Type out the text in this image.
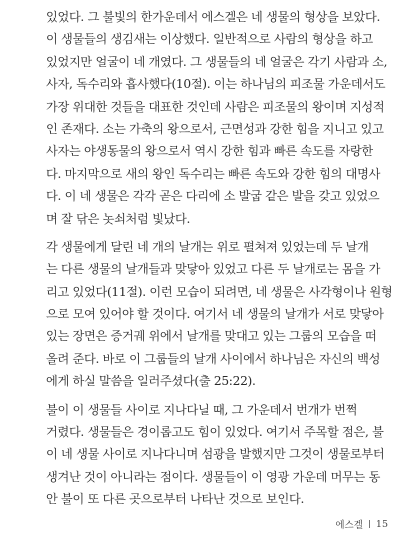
있었다. 그 불빛의 한가운데서 에스겔은 네 생물의 형상을 보았다.
이 생물들의 생김새는 이상했다. 일반적으로 사람의 형상을 하고
있었지만 얼굴이 네 개였다. 그 생물들의 네 얼굴은 각기 사람과 소,
사자, 독수리와 흡사했다(10절). 이는 하나님의 피조물 가운데서도
가장 위대한 것들을 대표한 것인데 사람은 피조물의 왕이며 지성적
인 존재다. 소는 가축의 왕으로서, 근면성과 강한 힘을 지니고 있고
사자는 야생동물의 왕으로서 역시 강한 힘과 빠른 속도를 자랑한
다. 마지막으로 새의 왕인 독수리는 빠른 속도와 강한 힘의 대명사
다. 이 네 생물은 각각 곧은 다리에 소 발굽 같은 발을 갖고 있었으
며 잘 닦은 놋쇠처럼 빛났다.
각 생물에게 달린 네 개의 날개는 위로 펼쳐져 있었는데 두 날개
는 다른 생물의 날개들과 맞닿아 있었고 다른 두 날개로는 몸을 가
리고 있었다(11절). 이런 모습이 되려면, 네 생물은 사각형이나 원형
으로 모여 있어야 할 것이다. 여기서 네 생물의 날개가 서로 맞닿아
있는 장면은 증거궤 위에서 날개를 맞대고 있는 그룹의 모습을 떠
올려 준다. 바로 이 그룹들의 날개 사이에서 하나님은 자신의 백성
에게 하실 말씀을 일러주셨다(출 25:22).
불이 이 생물들 사이로 지나다닐 때, 그 가운데서 번개가 번쩍
거렸다. 생물들은 경이롭고도 힘이 있었다. 여기서 주목할 점은, 불
이 네 생물 사이로 지나다니며 섬광을 발했지만 그것이 생물로부터
생겨난 것이 아니라는 점이다. 생물들이 이 영광 가운데 머무는 동
안 불이 또 다른 곳으로부터 나타난 것으로 보인다.
에스겔 15
